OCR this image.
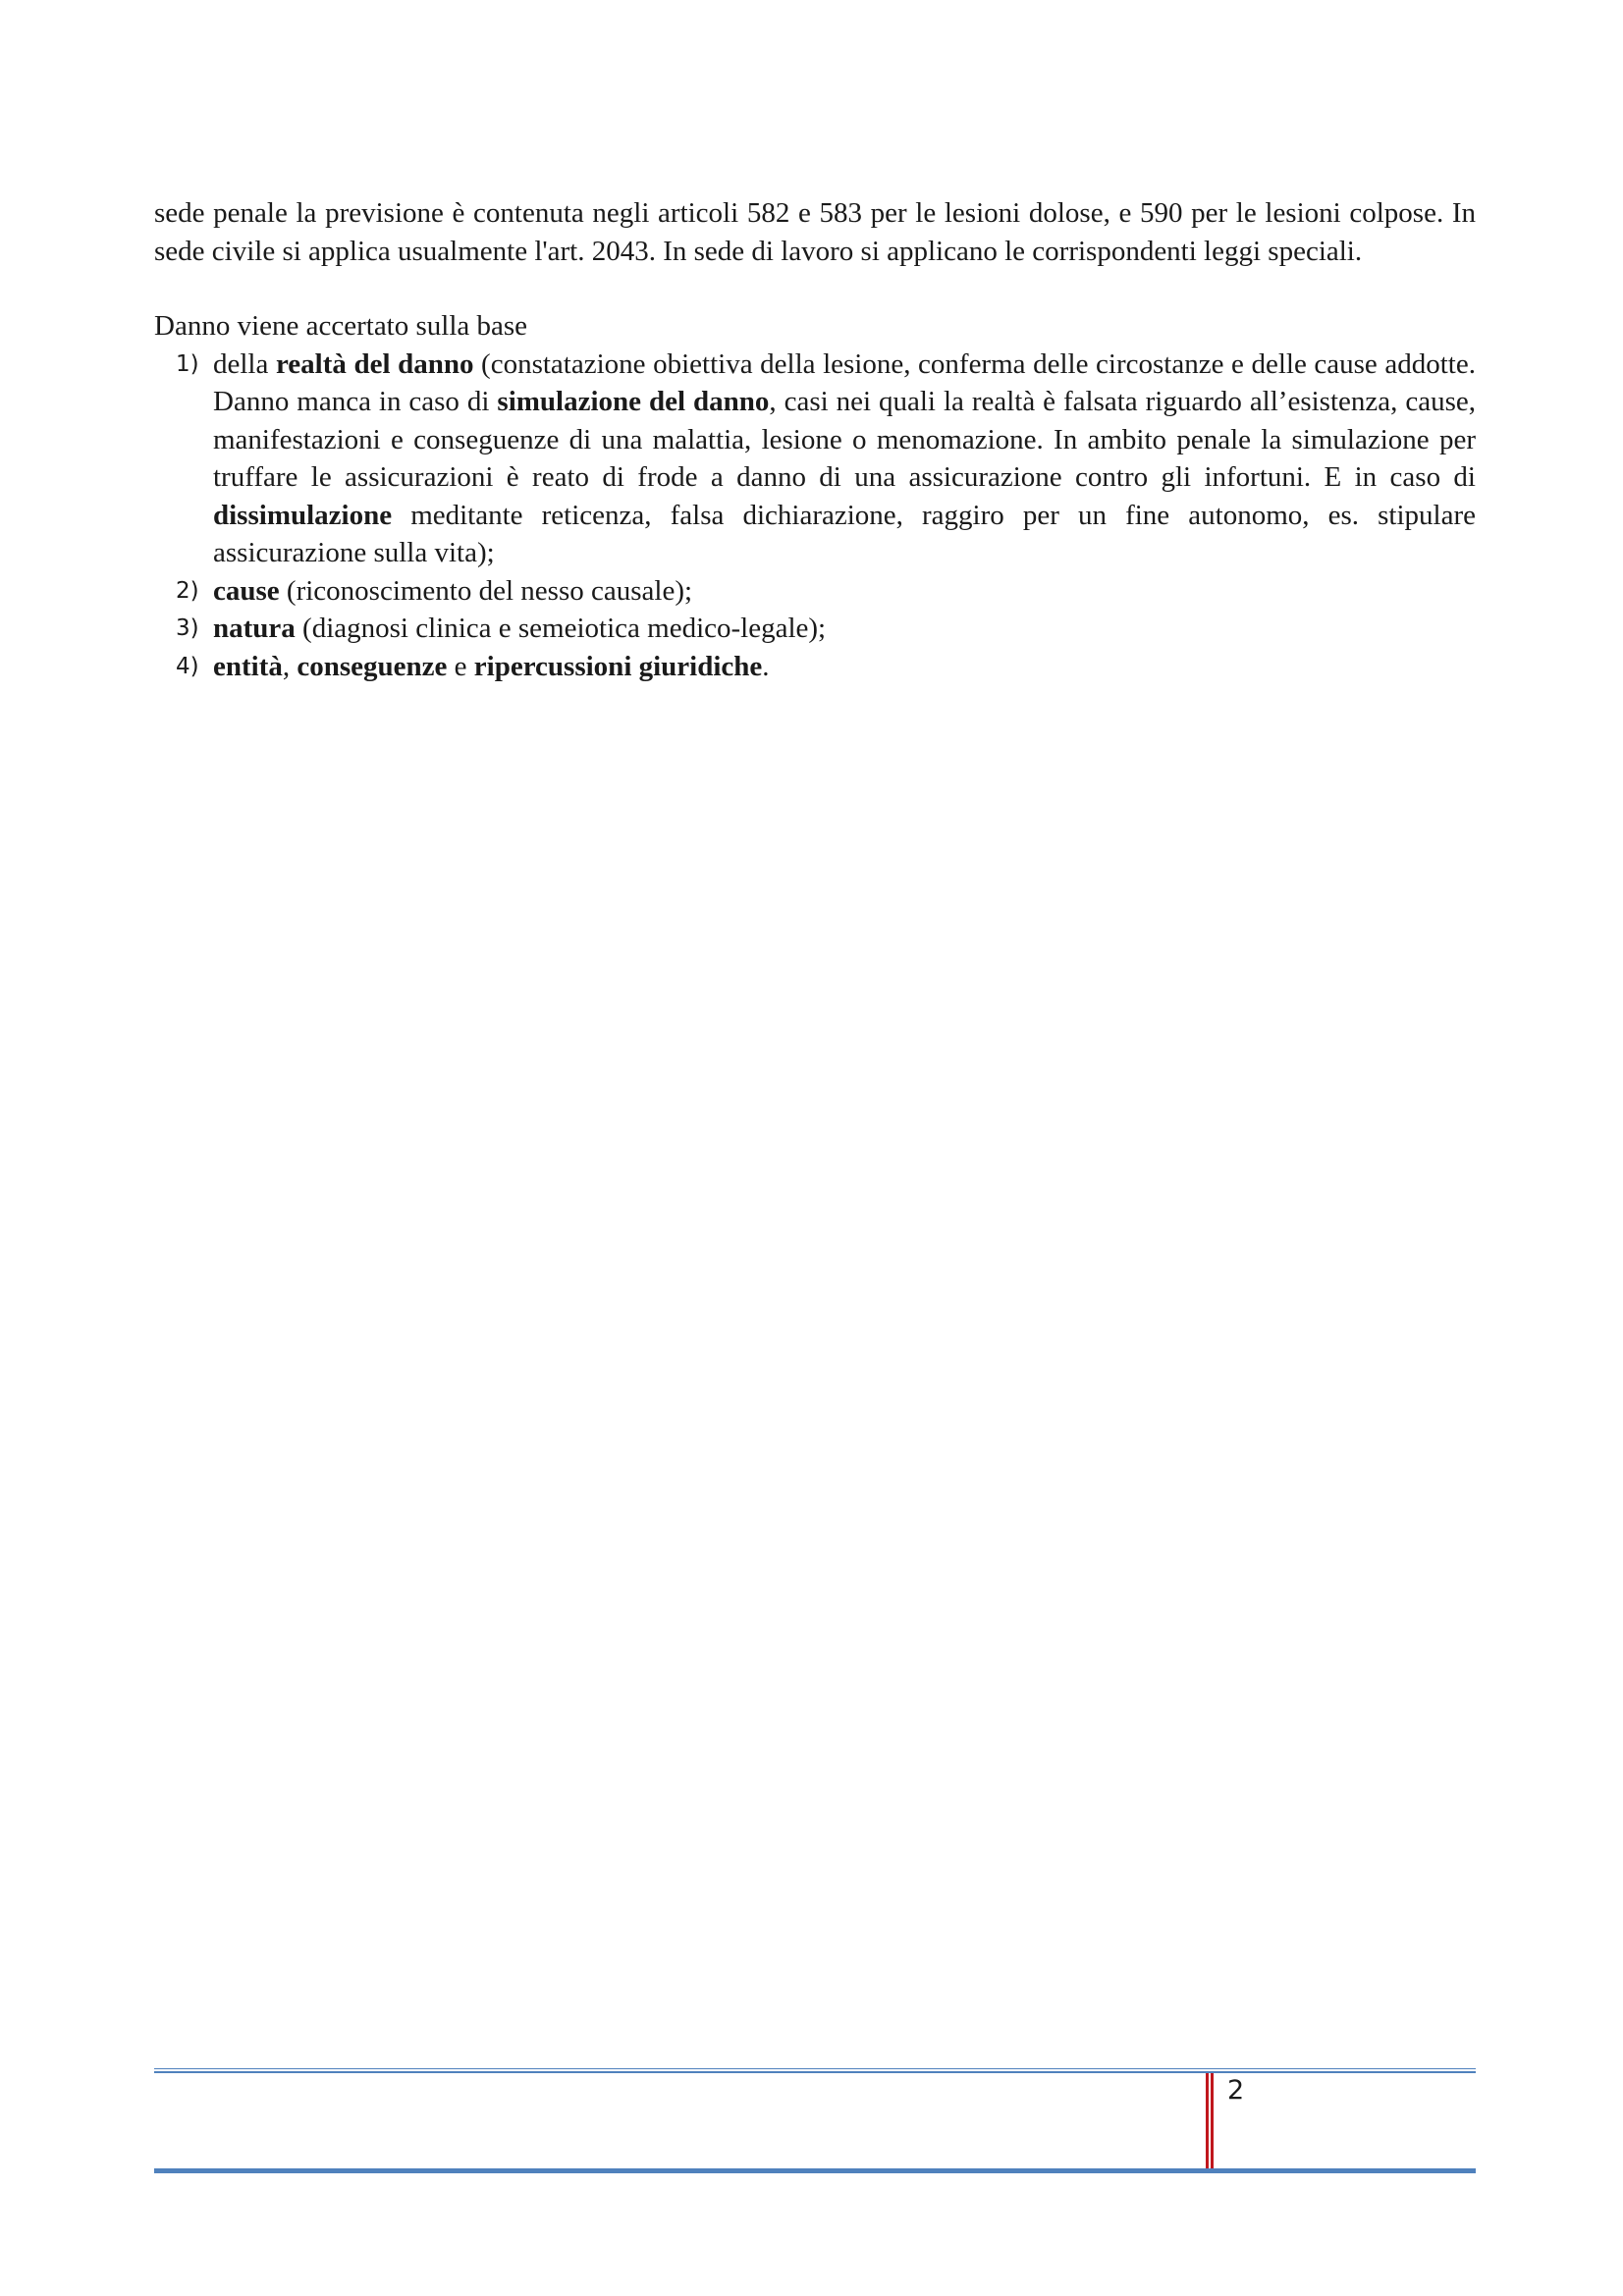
sede penale la previsione è contenuta negli articoli 582 e 583 per le lesioni dolose, e 590 per le lesioni colpose. In sede civile si applica usualmente l'art. 2043. In sede di lavoro si applicano le corrispondenti leggi speciali.

Danno viene accertato sulla base

1) della realtà del danno (constatazione obiettiva della lesione, conferma delle circostanze e delle cause addotte. Danno manca in caso di simulazione del danno, casi nei quali la realtà è falsata riguardo all’esistenza, cause, manifestazioni e conseguenze di una malattia, lesione o menomazione. In ambito penale la simulazione per truffare le assicurazioni è reato di frode a danno di una assicurazione contro gli infortuni. E in caso di dissimulazione meditante reticenza, falsa dichiarazione, raggiro per un fine autonomo, es. stipulare assicurazione sulla vita);
2) cause (riconoscimento del nesso causale);
3) natura (diagnosi clinica e semeiotica medico-legale);
4) entità, conseguenze e ripercussioni giuridiche.
2
